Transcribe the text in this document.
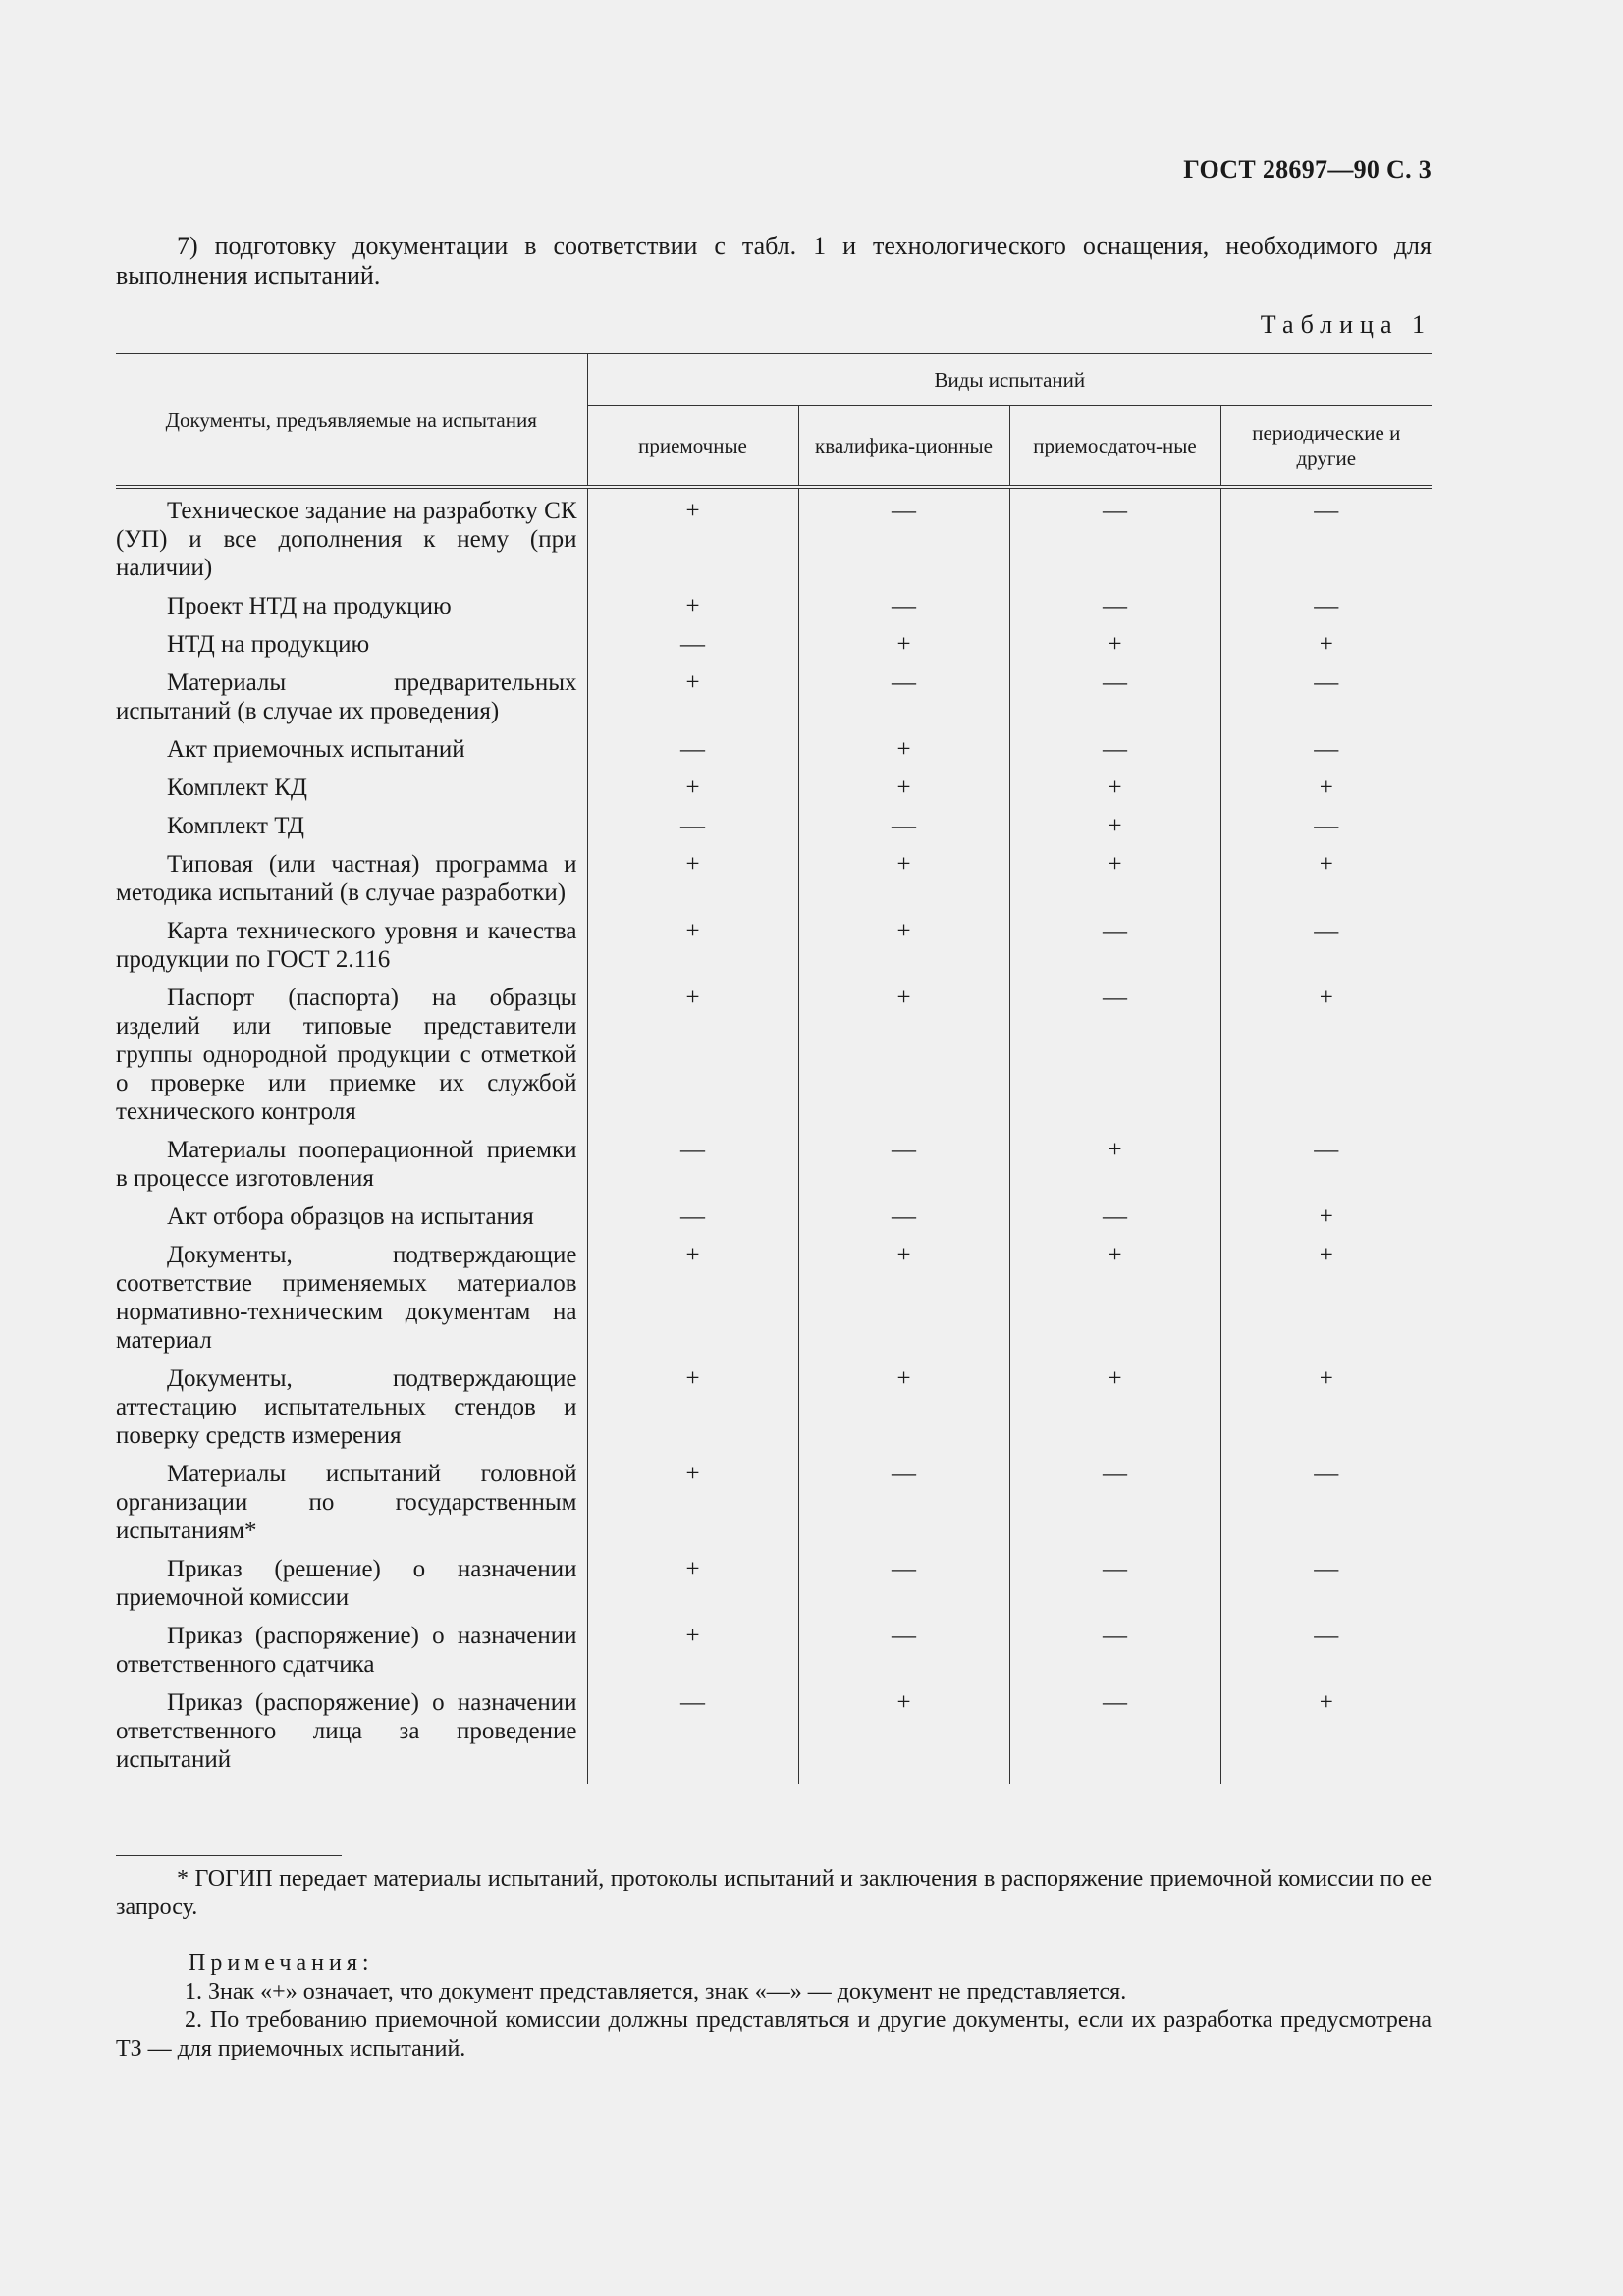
ГОСТ 28697—90 С. 3
7) подготовку документации в соответствии с табл. 1 и технологического оснащения, необходимого для выполнения испытаний.
Таблица 1
Документы, предъявляемые на испытания	Виды испытаний			
	приемочные	квалифика-ционные	приемосдаточ-ные	периодические и другие
Техническое задание на разработку СК (УП) и все дополнения к нему (при наличии)	+	—	—	—
Проект НТД на продукцию	+	—	—	—
НТД на продукцию	—	+	+	+
Материалы предварительных испытаний (в случае их проведения)	+	—	—	—
Акт приемочных испытаний	—	+	—	—
Комплект КД	+	+	+	+
Комплект ТД	—	—	+	—
Типовая (или частная) программа и методика испытаний (в случае разработки)	+	+	+	+
Карта технического уровня и качества продукции по ГОСТ 2.116	+	+	—	—
Паспорт (паспорта) на образцы изделий или типовые представители группы однородной продукции с отметкой о проверке или приемке их службой технического контроля	+	+	—	+
Материалы пооперационной приемки в процессе изготовления	—	—	+	—
Акт отбора образцов на испытания	—	—	—	+
Документы, подтверждающие соответствие применяемых материалов нормативно-техническим документам на материал	+	+	+	+
Документы, подтверждающие аттестацию испытательных стендов и поверку средств измерения	+	+	+	+
Материалы испытаний головной организации по государственным испытаниям*	+	—	—	—
Приказ (решение) о назначении приемочной комиссии	+	—	—	—
Приказ (распоряжение) о назначении ответственного сдатчика	+	—	—	—
Приказ (распоряжение) о назначении ответственного лица за проведение испытаний	—	+	—	+
* ГОГИП передает материалы испытаний, протоколы испытаний и заключения в распоряжение приемочной комиссии по ее запросу.
Примечания:

1. Знак «+» означает, что документ представляется, знак «—» — документ не представляется.

2. По требованию приемочной комиссии должны представляться и другие документы, если их разработка предусмотрена ТЗ — для приемочных испытаний.
